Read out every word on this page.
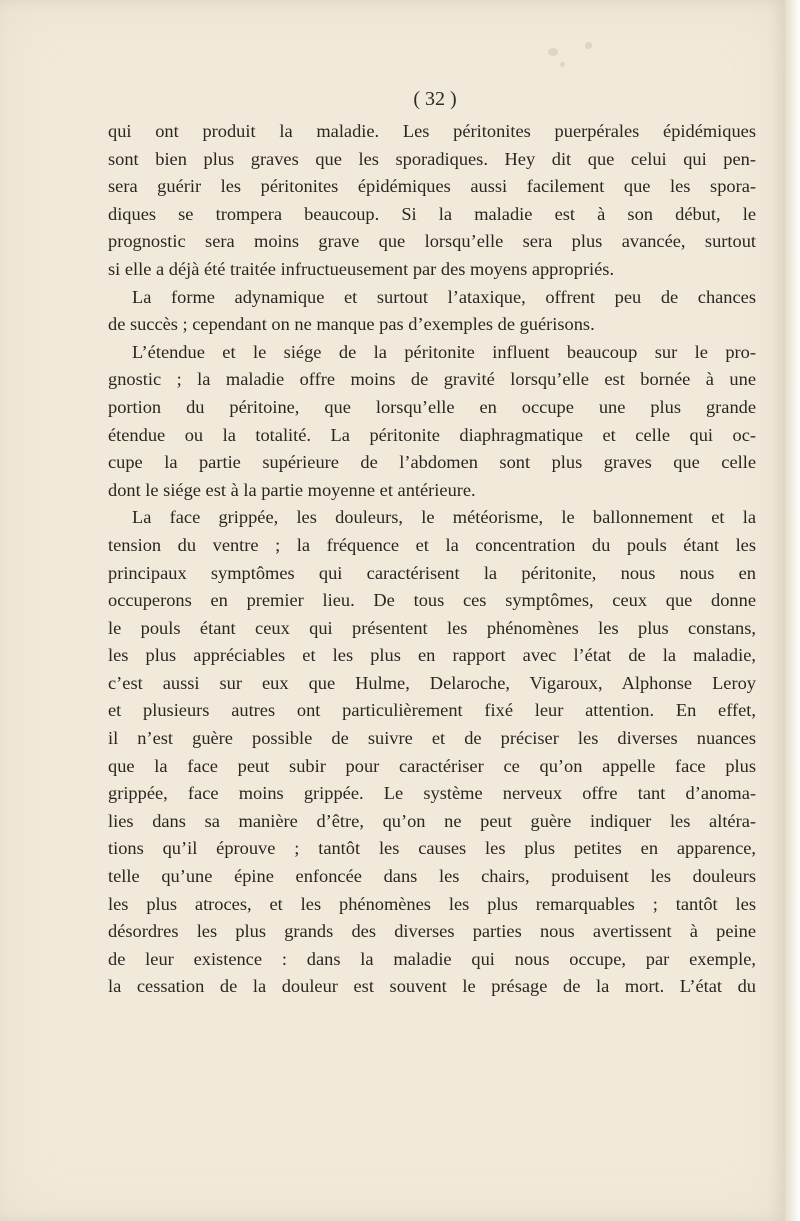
( 32 )
qui ont produit la maladie. Les péritonites puerpérales épidémiques
sont bien plus graves que les sporadiques. Hey dit que celui qui pen-
sera guérir les péritonites épidémiques aussi facilement que les spora-
diques se trompera beaucoup. Si la maladie est à son début, le
prognostic sera moins grave que lorsqu’elle sera plus avancée, surtout
si elle a déjà été traitée infructueusement par des moyens appropriés.
La forme adynamique et surtout l’ataxique, offrent peu de chances
de succès ; cependant on ne manque pas d’exemples de guérisons.
L’étendue et le siége de la péritonite influent beaucoup sur le pro-
gnostic ; la maladie offre moins de gravité lorsqu’elle est bornée à une
portion du péritoine, que lorsqu’elle en occupe une plus grande
étendue ou la totalité. La péritonite diaphragmatique et celle qui oc-
cupe la partie supérieure de l’abdomen sont plus graves que celle
dont le siége est à la partie moyenne et antérieure.
La face grippée, les douleurs, le météorisme, le ballonnement et la
tension du ventre ; la fréquence et la concentration du pouls étant les
principaux symptômes qui caractérisent la péritonite, nous nous en
occuperons en premier lieu. De tous ces symptômes, ceux que donne
le pouls étant ceux qui présentent les phénomènes les plus constans,
les plus appréciables et les plus en rapport avec l’état de la maladie,
c’est aussi sur eux que Hulme, Delaroche, Vigaroux, Alphonse Leroy
et plusieurs autres ont particulièrement fixé leur attention. En effet,
il n’est guère possible de suivre et de préciser les diverses nuances
que la face peut subir pour caractériser ce qu’on appelle face plus
grippée, face moins grippée. Le système nerveux offre tant d’anoma-
lies dans sa manière d’être, qu’on ne peut guère indiquer les altéra-
tions qu’il éprouve ; tantôt les causes les plus petites en apparence,
telle qu’une épine enfoncée dans les chairs, produisent les douleurs
les plus atroces, et les phénomènes les plus remarquables ; tantôt les
désordres les plus grands des diverses parties nous avertissent à peine
de leur existence : dans la maladie qui nous occupe, par exemple,
la cessation de la douleur est souvent le présage de la mort. L’état du
